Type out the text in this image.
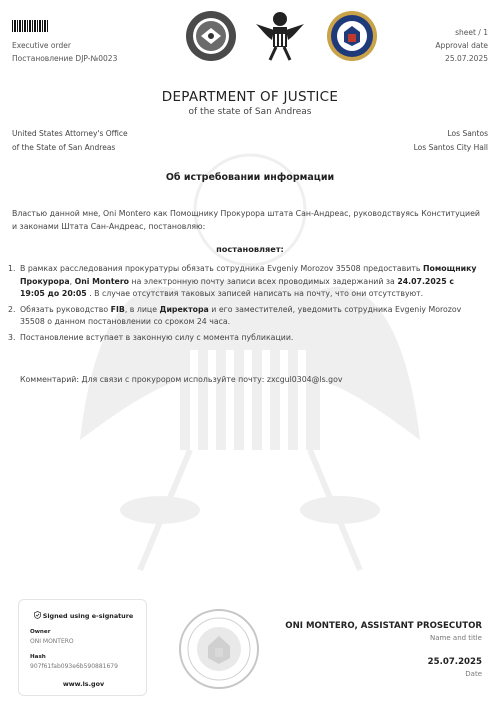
Executive order
Постановление DJP-№0023
sheet / 1
Approval date
25.07.2025
DEPARTMENT OF JUSTICE
of the state of San Andreas
United States Attorney's Office
of the State of San Andreas
Los Santos
Los Santos City Hall
Об истребовании информации
Властью данной мне, Oni Montero как Помощнику Прокурора штата Сан-Андреас, руководствуясь Конституцией и законами Штата Сан-Андреас, постановляю:
постановляет:
1. В рамках расследования прокуратуры обязать сотрудника Evgeniy Morozov 35508 предоставить Помощнику Прокурора, Oni Montero на электронную почту записи всех проводимых задержаний за 24.07.2025 с 19:05 до 20:05 . В случае отсутствия таковых записей написать на почту, что они отсутствуют.
2. Обязать руководство FIB, в лице Директора и его заместителей, уведомить сотрудника Evgeniy Morozov 35508 о данном постановлении со сроком 24 часа.
3. Постановление вступает в законную силу с момента публикации.
Комментарий: Для связи с прокурором используйте почту: zxcgul0304@ls.gov
Signed using e-signature
Owner
ONI MONTERO
Hash
907f61fab093e6b590881679
www.ls.gov
ONI MONTERO, ASSISTANT PROSECUTOR
Name and title
25.07.2025
Date
